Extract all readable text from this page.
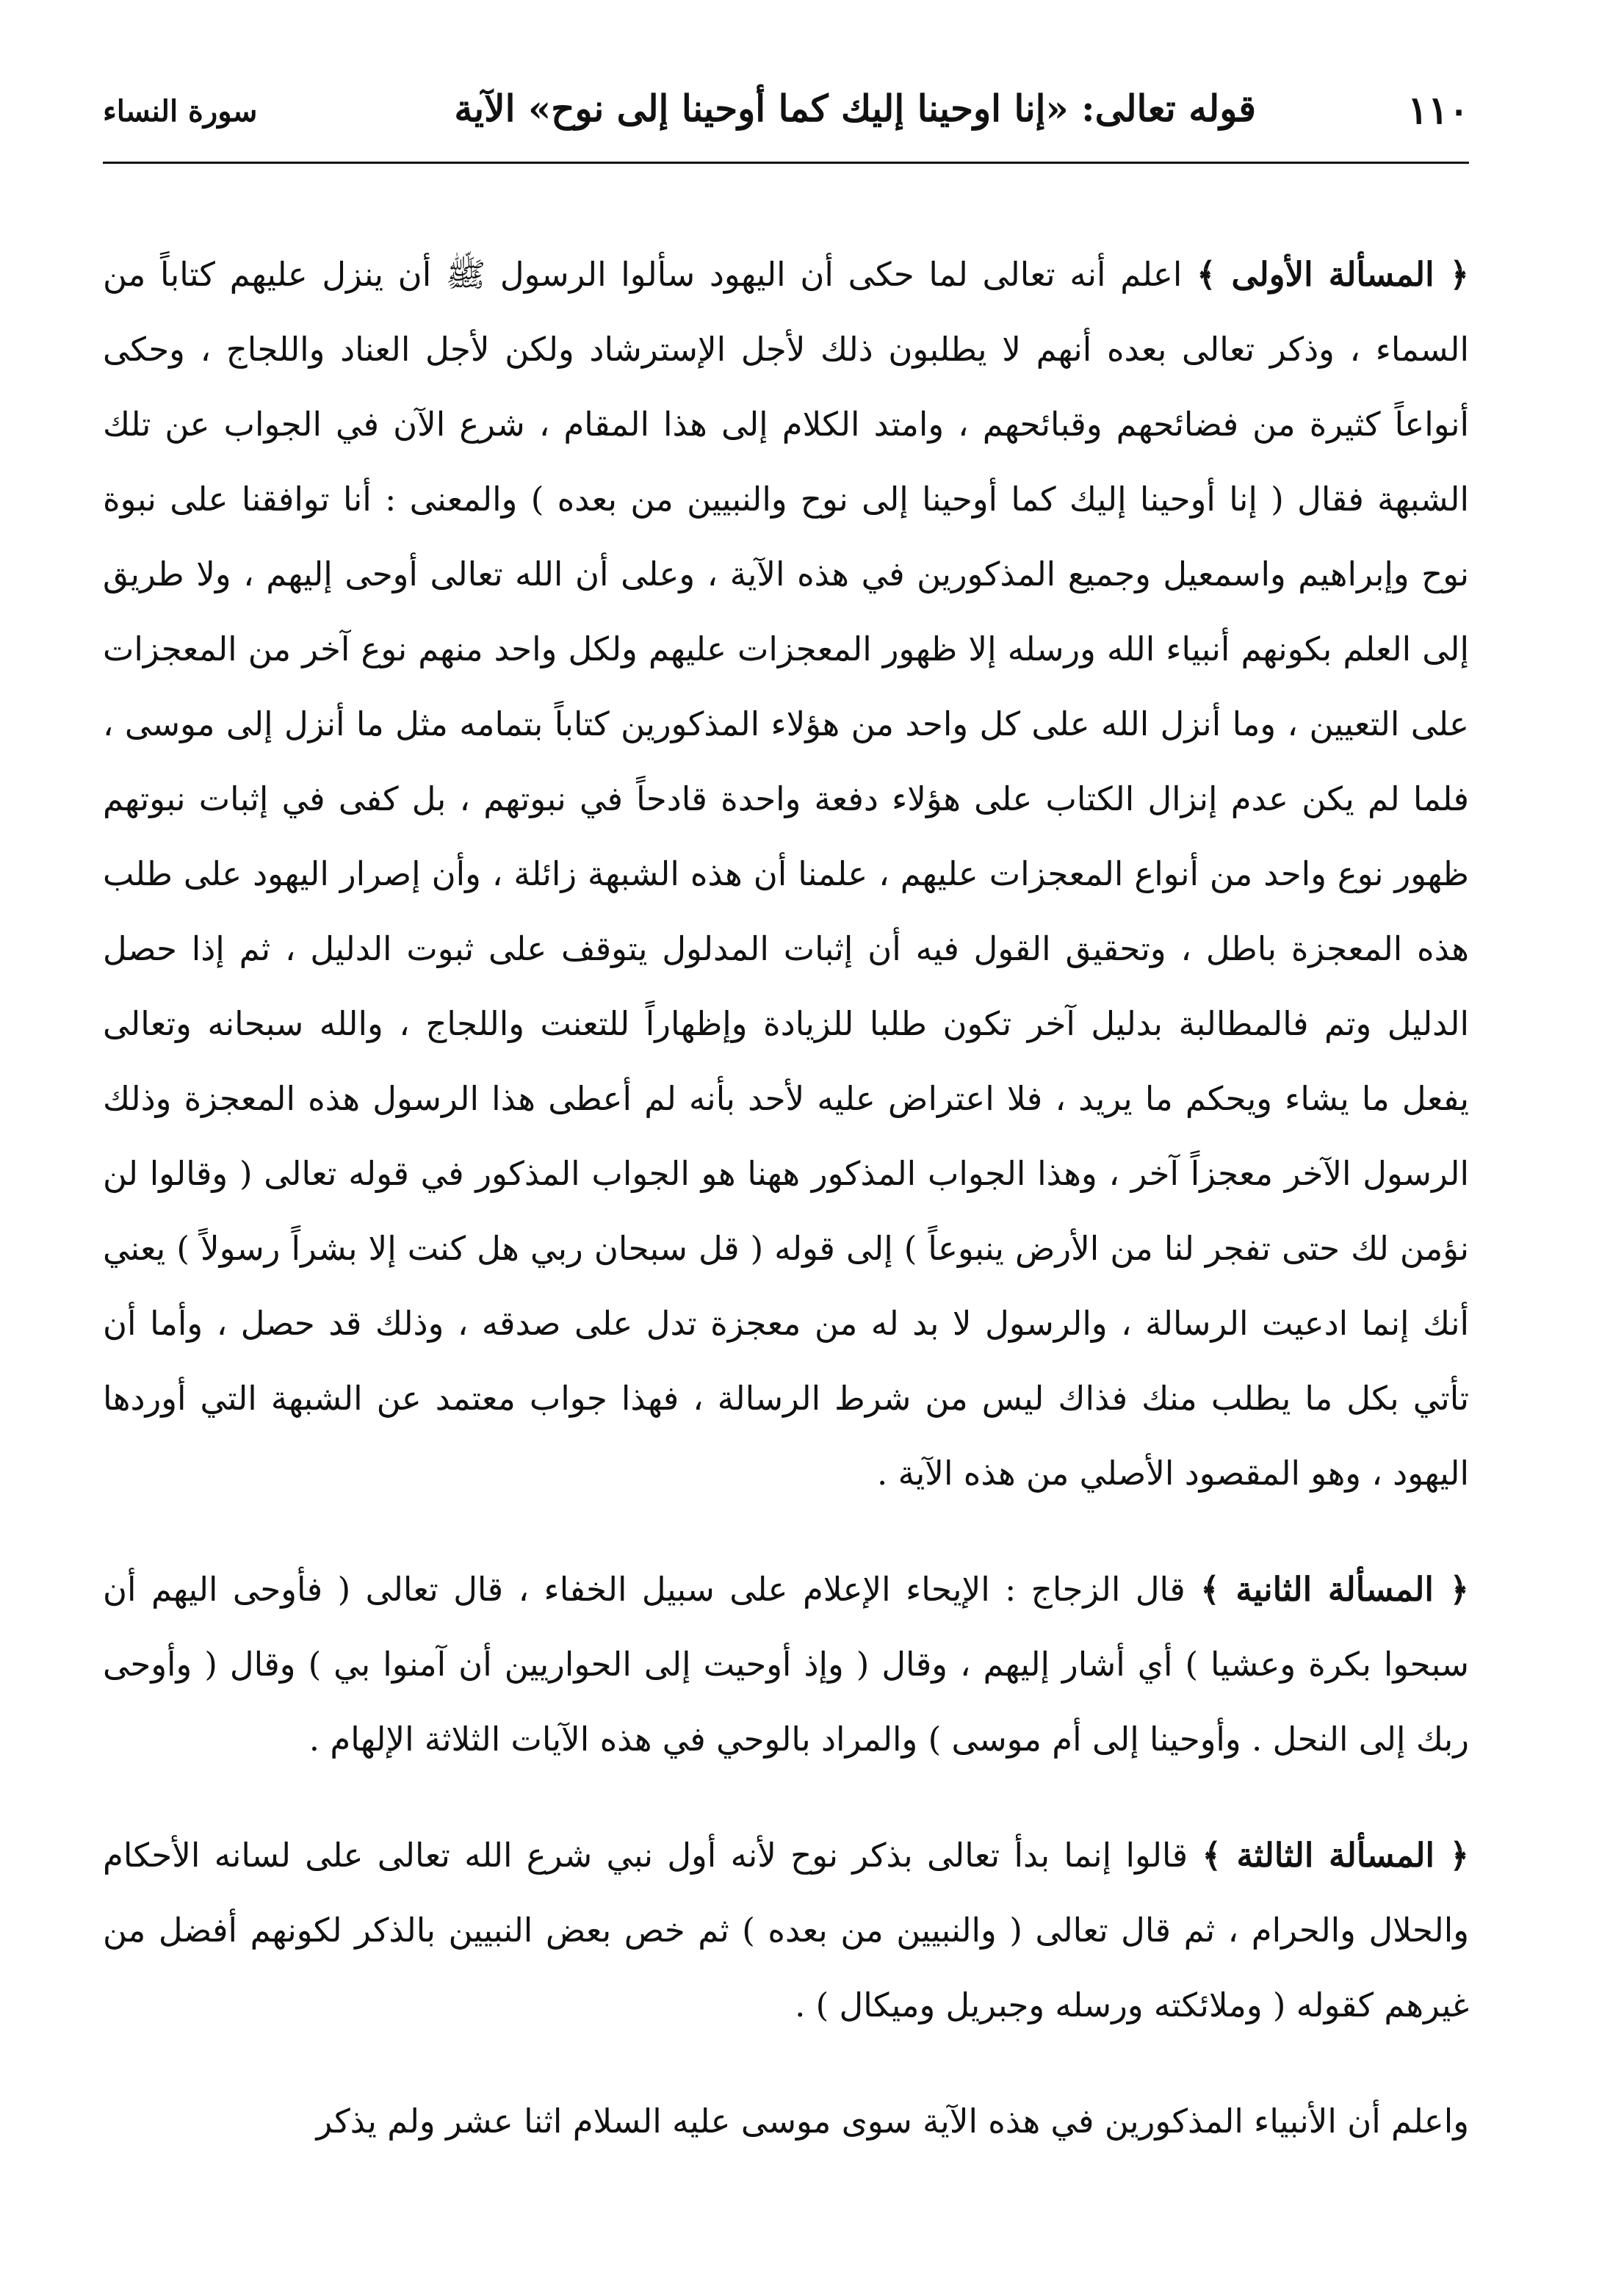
١١٠
قوله تعالى: «إنا اوحينا إليك كما أوحينا إلى نوح» الآية
سورة النساء

﴿ المسألة الأولى ﴾ اعلم أنه تعالى لما حكى أن اليهود سألوا الرسول ﷺ أن ينزل عليهم كتاباً من السماء ، وذكر تعالى بعده أنهم لا يطلبون ذلك لأجل الإسترشاد ولكن لأجل العناد واللجاج ، وحكى أنواعاً كثيرة من فضائحهم وقبائحهم ، وامتد الكلام إلى هذا المقام ، شرع الآن في الجواب عن تلك الشبهة فقال ( إنا أوحينا إليك كما أوحينا إلى نوح والنبيين من بعده ) والمعنى : أنا توافقنا على نبوة نوح وإبراهيم واسمعيل وجميع المذكورين في هذه الآية ، وعلى أن الله تعالى أوحى إليهم ، ولا طريق إلى العلم بكونهم أنبياء الله ورسله إلا ظهور المعجزات عليهم ولكل واحد منهم نوع آخر من المعجزات على التعيين ، وما أنزل الله على كل واحد من هؤلاء المذكورين كتاباً بتمامه مثل ما أنزل إلى موسى ، فلما لم يكن عدم إنزال الكتاب على هؤلاء دفعة واحدة قادحاً في نبوتهم ، بل كفى في إثبات نبوتهم ظهور نوع واحد من أنواع المعجزات عليهم ، علمنا أن هذه الشبهة زائلة ، وأن إصرار اليهود على طلب هذه المعجزة باطل ، وتحقيق القول فيه أن إثبات المدلول يتوقف على ثبوت الدليل ، ثم إذا حصل الدليل وتم فالمطالبة بدليل آخر تكون طلبا للزيادة وإظهاراً للتعنت واللجاج ، والله سبحانه وتعالى يفعل ما يشاء ويحكم ما يريد ، فلا اعتراض عليه لأحد بأنه لم أعطى هذا الرسول هذه المعجزة وذلك الرسول الآخر معجزاً آخر ، وهذا الجواب المذكور ههنا هو الجواب المذكور في قوله تعالى ( وقالوا لن نؤمن لك حتى تفجر لنا من الأرض ينبوعاً ) إلى قوله ( قل سبحان ربي هل كنت إلا بشراً رسولاً ) يعني أنك إنما ادعيت الرسالة ، والرسول لا بد له من معجزة تدل على صدقه ، وذلك قد حصل ، وأما أن تأتي بكل ما يطلب منك فذاك ليس من شرط الرسالة ، فهذا جواب معتمد عن الشبهة التي أوردها اليهود ، وهو المقصود الأصلي من هذه الآية .

﴿ المسألة الثانية ﴾ قال الزجاج : الإيحاء الإعلام على سبيل الخفاء ، قال تعالى ( فأوحى اليهم أن سبحوا بكرة وعشيا ) أي أشار إليهم ، وقال ( وإذ أوحيت إلى الحواريين أن آمنوا بي ) وقال ( وأوحى ربك إلى النحل . وأوحينا إلى أم موسى ) والمراد بالوحي في هذه الآيات الثلاثة الإلهام .

﴿ المسألة الثالثة ﴾ قالوا إنما بدأ تعالى بذكر نوح لأنه أول نبي شرع الله تعالى على لسانه الأحكام والحلال والحرام ، ثم قال تعالى ( والنبيين من بعده ) ثم خص بعض النبيين بالذكر لكونهم أفضل من غيرهم كقوله ( وملائكته ورسله وجبريل وميكال ) .

واعلم أن الأنبياء المذكورين في هذه الآية سوى موسى عليه السلام اثنا عشر ولم يذكر
